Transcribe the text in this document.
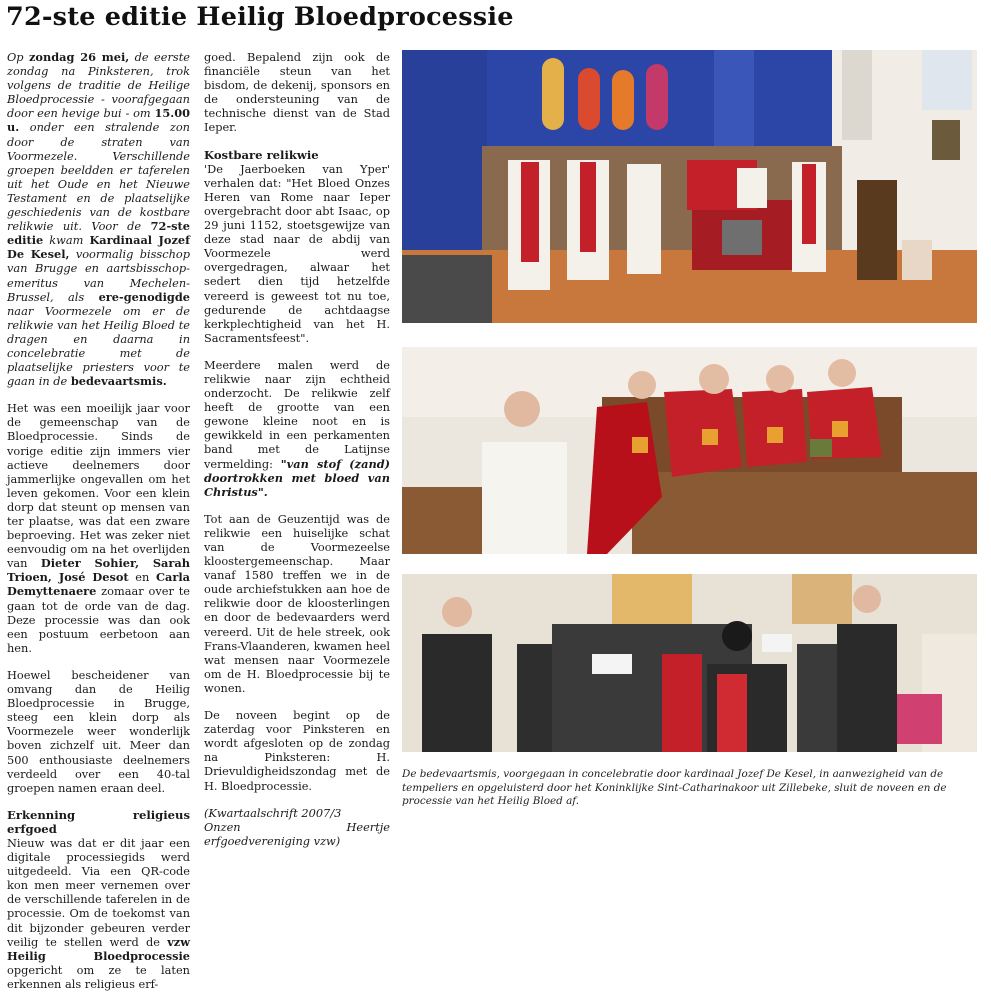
72-ste editie Heilig Bloedprocessie

Op zondag 26 mei, de eerste zondag na Pinksteren, trok volgens de traditie de Heilige Bloedprocessie - voorafgegaan door een hevige bui - om 15.00 u. onder een stralende zon door de straten van Voormezele. Verschillende groepen beeldden er taferelen uit het Oude en het Nieuwe Testament en de plaatselijke geschiedenis van de kostbare relikwie uit. Voor de 72-ste editie kwam Kardinaal Jozef De Kesel, voormalig bisschop van Brugge en aartsbisschop-emeritus van Mechelen-Brussel, als ere-genodigde naar Voormezele om er de relikwie van het Heilig Bloed te dragen en daarna in concelebratie met de plaatselijke priesters voor te gaan in de bedevaartsmis.

Het was een moeilijk jaar voor de gemeenschap van de Bloedprocessie. Sinds de vorige editie zijn immers vier actieve deelnemers door jammerlijke ongevallen om het leven gekomen. Voor een klein dorp dat steunt op mensen van ter plaatse, was dat een zware beproeving. Het was zeker niet eenvoudig om na het overlijden van Dieter Sohier, Sarah Trioen, José Desot en Carla Demyttenaere zomaar over te gaan tot de orde van de dag. Deze processie was dan ook een postuum eerbetoon aan hen.

Hoewel bescheidener van omvang dan de Heilig Bloedprocessie in Brugge, steeg een klein dorp als Voormezele weer wonderlijk boven zichzelf uit. Meer dan 500 enthousiaste deelnemers verdeeld over een 40-tal groepen namen eraan deel.

Erkenning religieus erfgoed

Nieuw was dat er dit jaar een digitale processiegids werd uitgedeeld. Via een QR-code kon men meer vernemen over de verschillende taferelen in de processie. Om de toekomst van dit bijzonder gebeuren verder veilig te stellen werd de vzw Heilig Bloedprocessie opgericht om ze te laten erkennen als religieus erf-

goed. Bepalend zijn ook de financiële steun van het bisdom, de dekenij, sponsors en de ondersteuning van de technische dienst van de Stad Ieper.

Kostbare relikwie

'De Jaerboeken van Yper' verhalen dat: "Het Bloed Onzes Heren van Rome naar Ieper overgebracht door abt Isaac, op 29 juni 1152, stoetsgewijze van deze stad naar de abdij van Voormezele werd overgedragen, alwaar het sedert dien tijd hetzelfde vereerd is geweest tot nu toe, gedurende de achtdaagse kerkplechtigheid van het H. Sacramentsfeest".

Meerdere malen werd de relikwie naar zijn echtheid onderzocht. De relikwie zelf heeft de grootte van een gewone kleine noot en is gewikkeld in een perkamenten band met de Latijnse vermelding: "van stof (zand) doortrokken met bloed van Christus".

Tot aan de Geuzentijd was de relikwie een huiselijke schat van de Voormezeelse kloostergemeenschap. Maar vanaf 1580 treffen we in de oude archiefstukken aan hoe de relikwie door de kloosterlingen en door de bedevaarders werd vereerd. Uit de hele streek, ook Frans-Vlaanderen, kwamen heel wat mensen naar Voormezele om de H. Bloedprocessie bij te wonen.

De noveen begint op de zaterdag voor Pinksteren en wordt afgesloten op de zondag na Pinksteren: H. Drievuldigheidszondag met de H. Bloedprocessie.

(Kwartaalschrift 2007/3
Onzen Heertje erfgoedvereniging vzw)

De bedevaartsmis, voorgegaan in concelebratie door kardinaal Jozef De Kesel, in aanwezigheid van de tempeliers en opgeluisterd door het Koninklijke Sint-Catharinakoor uit Zillebeke, sluit de noveen en de processie van het Heilig Bloed af.
